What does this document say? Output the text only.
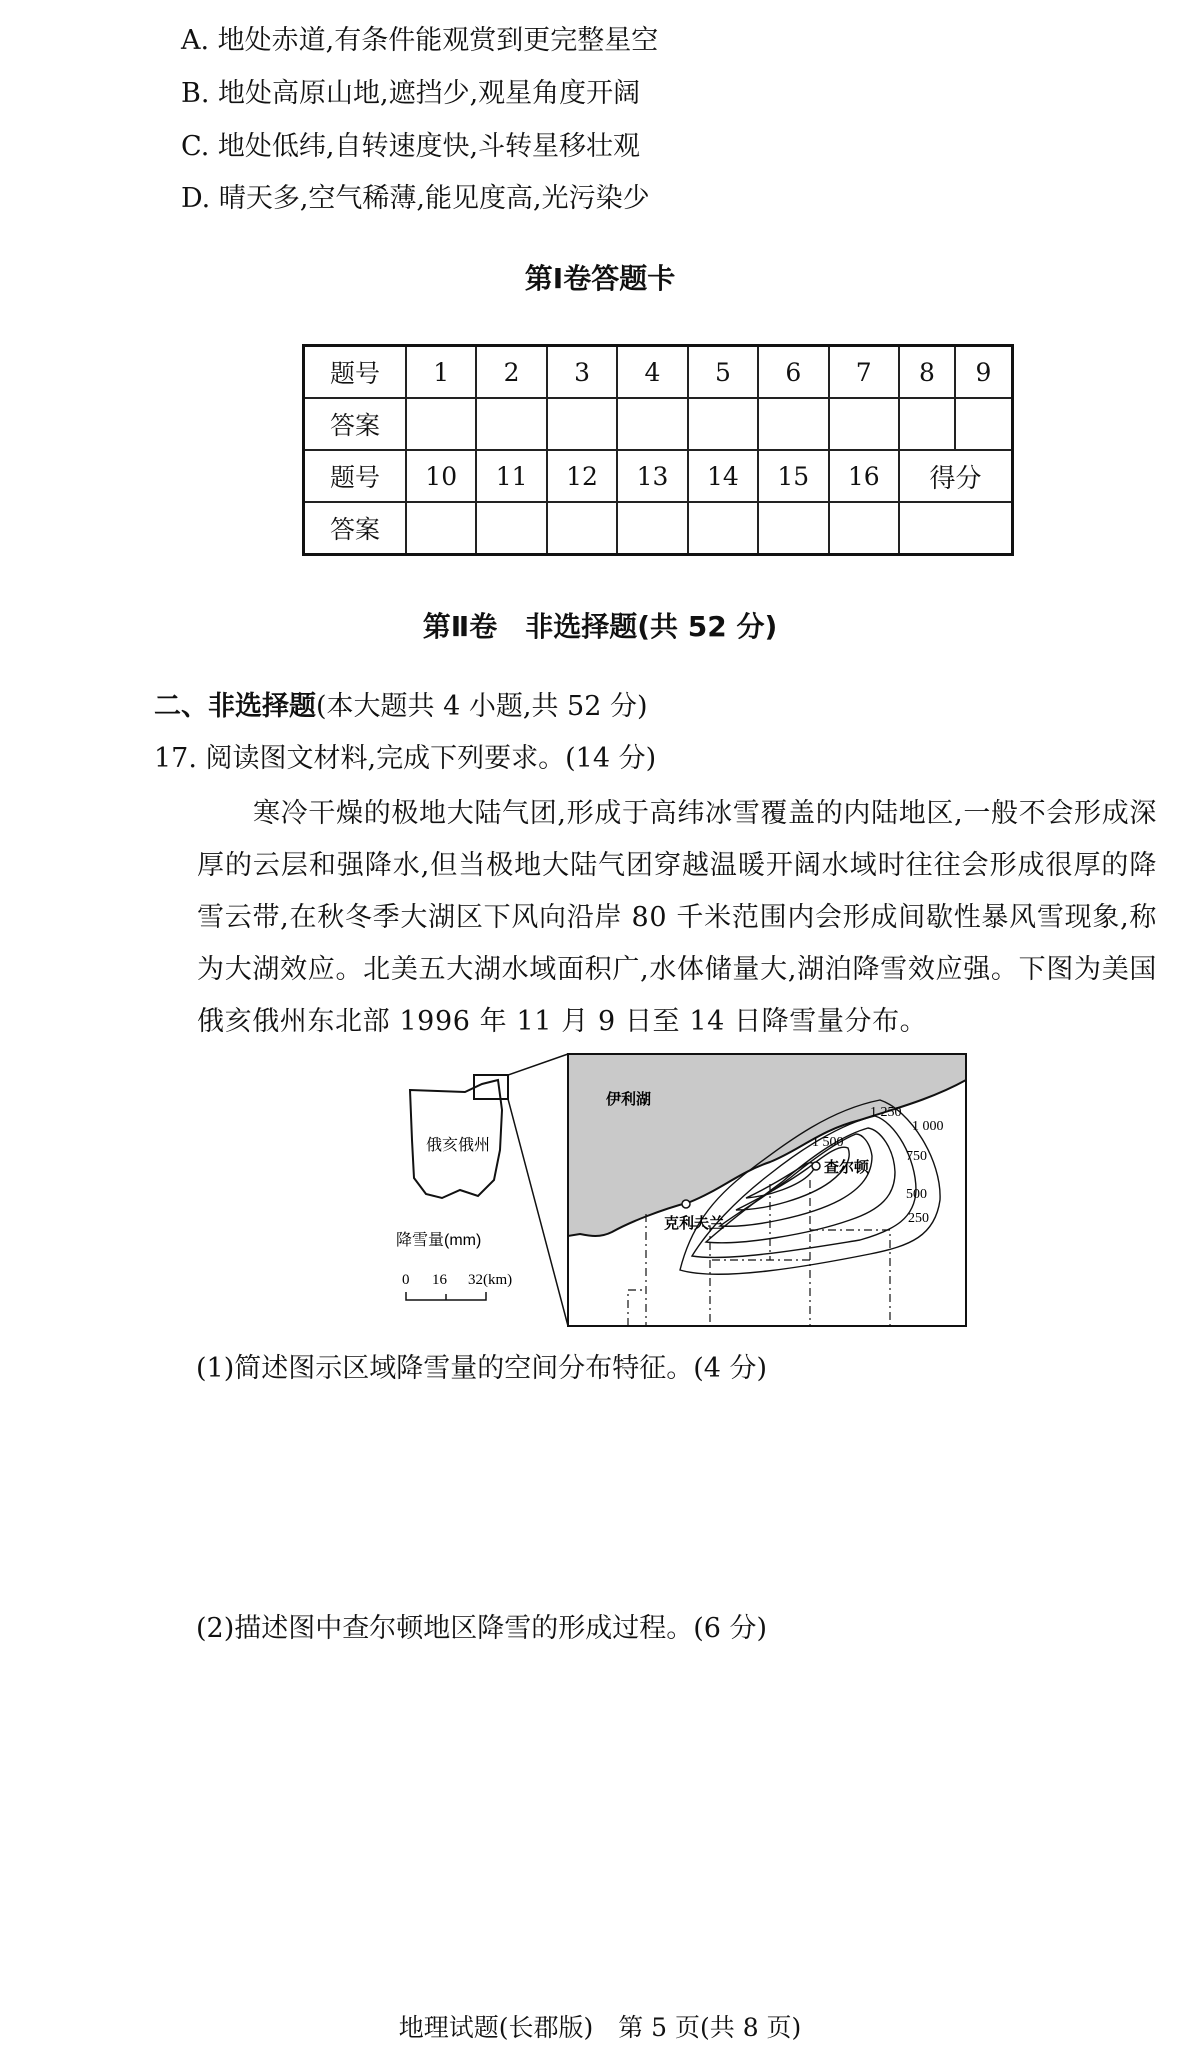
A. 地处赤道,有条件能观赏到更完整星空
B. 地处高原山地,遮挡少,观星角度开阔
C. 地处低纬,自转速度快,斗转星移壮观
D. 晴天多,空气稀薄,能见度高,光污染少
第Ⅰ卷答题卡
题号	1	2	3	4	5	6	7	8	9
答案									
题号	10	11	12	13	14	15	16	得分	
答案									
第Ⅱ卷　非选择题(共 52 分)
二、非选择题(本大题共 4 小题,共 52 分)
17. 阅读图文材料,完成下列要求。(14 分)
寒冷干燥的极地大陆气团,形成于高纬冰雪覆盖的内陆地区,一般不会形成深厚的云层和强降水,但当极地大陆气团穿越温暖开阔水域时往往会形成很厚的降雪云带,在秋冬季大湖区下风向沿岸 80 千米范围内会形成间歇性暴风雪现象,称为大湖效应。北美五大湖水域面积广,水体储量大,湖泊降雪效应强。下图为美国俄亥俄州东北部 1996 年 11 月 9 日至 14 日降雪量分布。
俄亥俄州
降雪量(mm)
0 16 32(km)
伊利湖
1 250
1 000
1 500
750
500
250
克利夫兰
查尔顿
(1)简述图示区域降雪量的空间分布特征。(4 分)
(2)描述图中查尔顿地区降雪的形成过程。(6 分)
地理试题(长郡版)　第 5 页(共 8 页)
